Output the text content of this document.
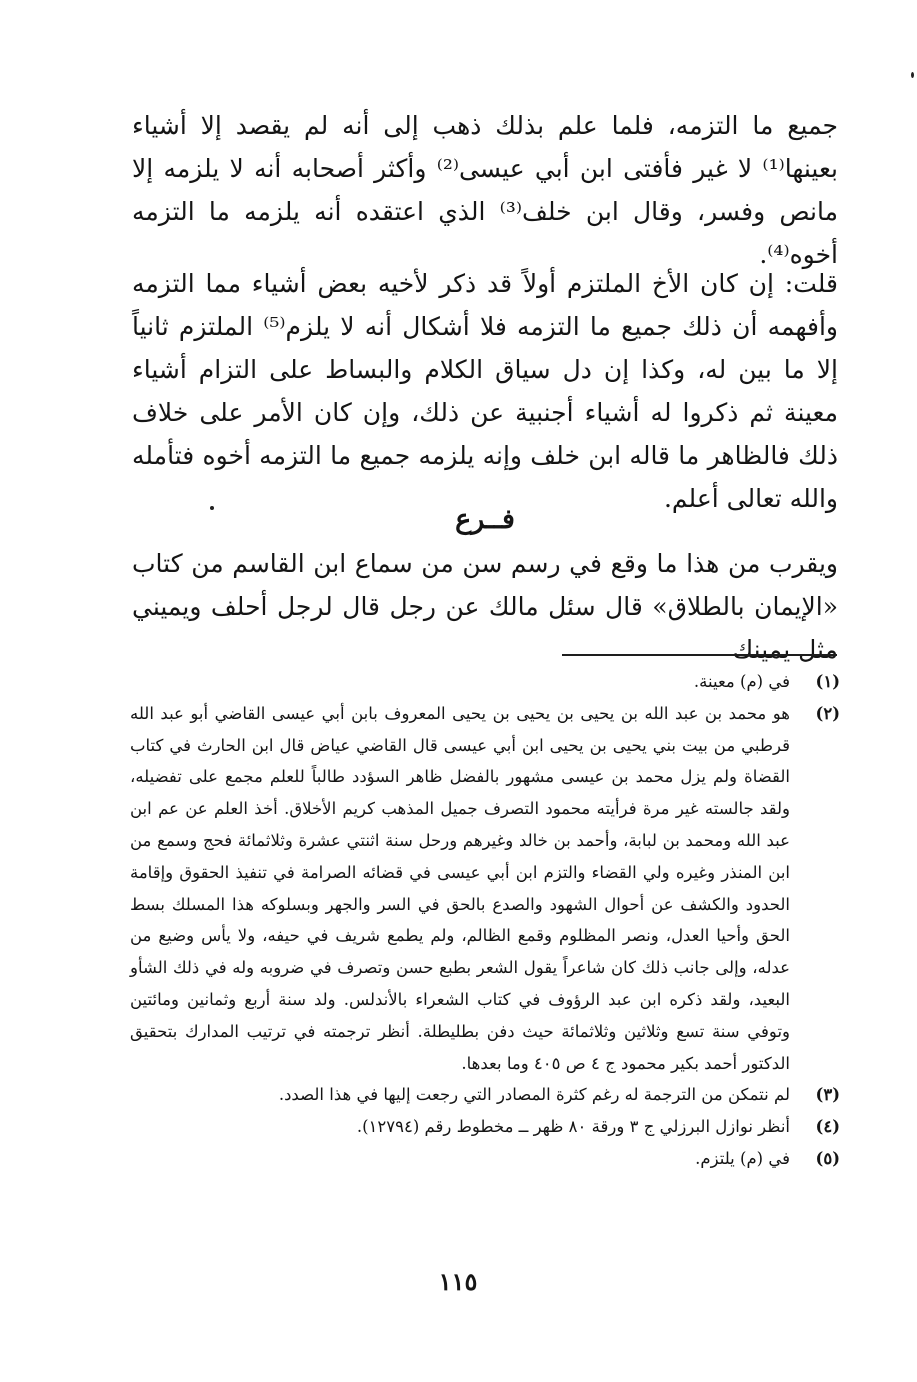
جميع ما التزمه، فلما علم بذلك ذهب إلى أنه لم يقصد إلا أشياء بعينها⁽¹⁾ لا غير فأفتى ابن أبي عيسى⁽²⁾ وأكثر أصحابه أنه لا يلزمه إلا مانص وفسر، وقال ابن خلف⁽³⁾ الذي اعتقده أنه يلزمه ما التزمه أخوه⁽⁴⁾.
قلت: إن كان الأخ الملتزم أولاً قد ذكر لأخيه بعض أشياء مما التزمه وأفهمه أن ذلك جميع ما التزمه فلا أشكال أنه لا يلزم⁽⁵⁾ الملتزم ثانياً إلا ما بين له، وكذا إن دل سياق الكلام والبساط على التزام أشياء معينة ثم ذكروا له أشياء أجنبية عن ذلك، وإن كان الأمر على خلاف ذلك فالظاهر ما قاله ابن خلف وإنه يلزمه جميع ما التزمه أخوه فتأمله والله تعالى أعلم.
فــرع
ويقرب من هذا ما وقع في رسم سن من سماع ابن القاسم من كتاب «الإيمان بالطلاق» قال سئل مالك عن رجل قال لرجل أحلف ويميني مثل يمينك
(١)
في (م) معينة.
(٢)
هو محمد بن عبد الله بن يحيى بن يحيى بن يحيى المعروف بابن أبي عيسى القاضي أبو عبد الله قرطبي من بيت بني يحيى بن يحيى ابن أبي عيسى قال القاضي عياض قال ابن الحارث في كتاب القضاة ولم يزل محمد بن عيسى مشهور بالفضل ظاهر السؤدد طالباً للعلم مجمع على تفضيله، ولقد جالسته غير مرة فرأيته محمود التصرف جميل المذهب كريم الأخلاق. أخذ العلم عن عم ابن عبد الله ومحمد بن لبابة، وأحمد بن خالد وغيرهم ورحل سنة اثنتي عشرة وثلاثمائة فحج وسمع من ابن المنذر وغيره ولي القضاء والتزم ابن أبي عيسى في قضائه الصرامة في تنفيذ الحقوق وإقامة الحدود والكشف عن أحوال الشهود والصدع بالحق في السر والجهر وبسلوكه هذا المسلك بسط الحق وأحيا العدل، ونصر المظلوم وقمع الظالم، ولم يطمع شريف في حيفه، ولا يأس وضيع من عدله، وإلى جانب ذلك كان شاعراً يقول الشعر بطبع حسن وتصرف في ضروبه وله في ذلك الشأو البعيد، ولقد ذكره ابن عبد الرؤوف في كتاب الشعراء بالأندلس. ولد سنة أربع وثمانين ومائتين وتوفي سنة تسع وثلاثين وثلاثمائة حيث دفن بطليطلة. أنظر ترجمته في ترتيب المدارك بتحقيق الدكتور أحمد بكير محمود ج ٤ ص ٤٠٥ وما بعدها.
(٣)
لم نتمكن من الترجمة له رغم كثرة المصادر التي رجعت إليها في هذا الصدد.
(٤)
أنظر نوازل البرزلي ج ٣ ورقة ٨٠ ظهر ــ مخطوط رقم (١٢٧٩٤).
(٥)
في (م) يلتزم.
١١٥
